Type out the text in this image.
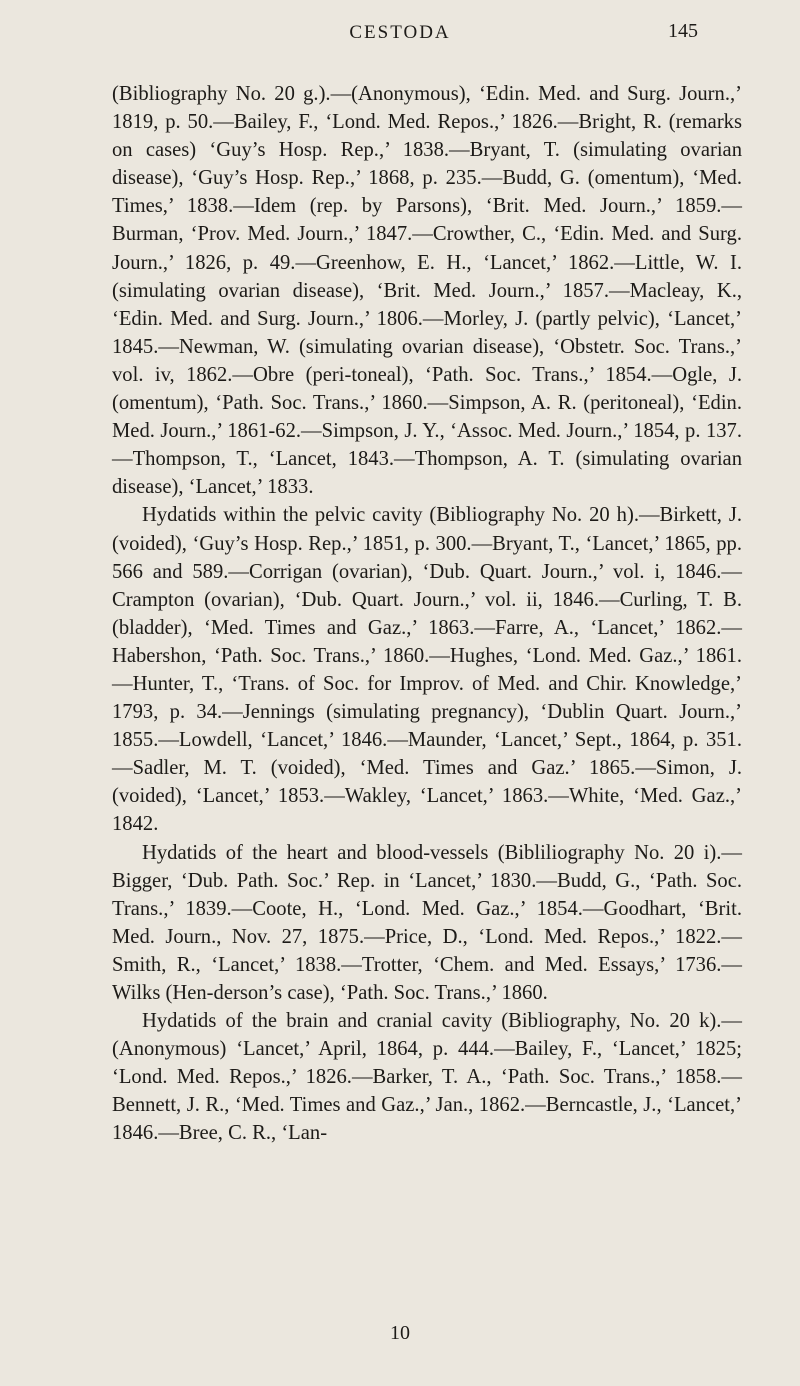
CESTODA	145

(Bibliography No. 20 g.).—(Anonymous), ‘Edin. Med. and Surg. Journ.,’ 1819, p. 50.—Bailey, F., ‘Lond. Med. Repos.,’ 1826.—Bright, R. (remarks on cases) ‘Guy’s Hosp. Rep.,’ 1838.—Bryant, T. (simulating ovarian disease), ‘Guy’s Hosp. Rep.,’ 1868, p. 235.—Budd, G. (omentum), ‘Med. Times,’ 1838.—Idem (rep. by Parsons), ‘Brit. Med. Journ.,’ 1859.—Burman, ‘Prov. Med. Journ.,’ 1847.—Crowther, C., ‘Edin. Med. and Surg. Journ.,’ 1826, p. 49.—Greenhow, E. H., ‘Lancet,’ 1862.—Little, W. I. (simulating ovarian disease), ‘Brit. Med. Journ.,’ 1857.—Macleay, K., ‘Edin. Med. and Surg. Journ.,’ 1806.—Morley, J. (partly pelvic), ‘Lancet,’ 1845.—Newman, W. (simulating ovarian disease), ‘Obstetr. Soc. Trans.,’ vol. iv, 1862.—Obre (peri-toneal), ‘Path. Soc. Trans.,’ 1854.—Ogle, J. (omentum), ‘Path. Soc. Trans.,’ 1860.—Simpson, A. R. (peritoneal), ‘Edin. Med. Journ.,’ 1861-62.—Simpson, J. Y., ‘Assoc. Med. Journ.,’ 1854, p. 137.—Thompson, T., ‘Lancet, 1843.—Thompson, A. T. (simulating ovarian disease), ‘Lancet,’ 1833.

Hydatids within the pelvic cavity (Bibliography No. 20 h).—Birkett, J. (voided), ‘Guy’s Hosp. Rep.,’ 1851, p. 300.—Bryant, T., ‘Lancet,’ 1865, pp. 566 and 589.—Corrigan (ovarian), ‘Dub. Quart. Journ.,’ vol. i, 1846.—Crampton (ovarian), ‘Dub. Quart. Journ.,’ vol. ii, 1846.—Curling, T. B. (bladder), ‘Med. Times and Gaz.,’ 1863.—Farre, A., ‘Lancet,’ 1862.—Habershon, ‘Path. Soc. Trans.,’ 1860.—Hughes, ‘Lond. Med. Gaz.,’ 1861.—Hunter, T., ‘Trans. of Soc. for Improv. of Med. and Chir. Knowledge,’ 1793, p. 34.—Jennings (simulating pregnancy), ‘Dublin Quart. Journ.,’ 1855.—Lowdell, ‘Lancet,’ 1846.—Maunder, ‘Lancet,’ Sept., 1864, p. 351.—Sadler, M. T. (voided), ‘Med. Times and Gaz.’ 1865.—Simon, J. (voided), ‘Lancet,’ 1853.—Wakley, ‘Lancet,’ 1863.—White, ‘Med. Gaz.,’ 1842.

Hydatids of the heart and blood-vessels (Bibliliography No. 20 i).—Bigger, ‘Dub. Path. Soc.’ Rep. in ‘Lancet,’ 1830.—Budd, G., ‘Path. Soc. Trans.,’ 1839.—Coote, H., ‘Lond. Med. Gaz.,’ 1854.—Goodhart, ‘Brit. Med. Journ., Nov. 27, 1875.—Price, D., ‘Lond. Med. Repos.,’ 1822.—Smith, R., ‘Lancet,’ 1838.—Trotter, ‘Chem. and Med. Essays,’ 1736.—Wilks (Hen-derson’s case), ‘Path. Soc. Trans.,’ 1860.

Hydatids of the brain and cranial cavity (Bibliography, No. 20 k).—(Anonymous) ‘Lancet,’ April, 1864, p. 444.—Bailey, F., ‘Lancet,’ 1825; ‘Lond. Med. Repos.,’ 1826.—Barker, T. A., ‘Path. Soc. Trans.,’ 1858.—Bennett, J. R., ‘Med. Times and Gaz.,’ Jan., 1862.—Berncastle, J., ‘Lancet,’ 1846.—Bree, C. R., ‘Lan-

10
